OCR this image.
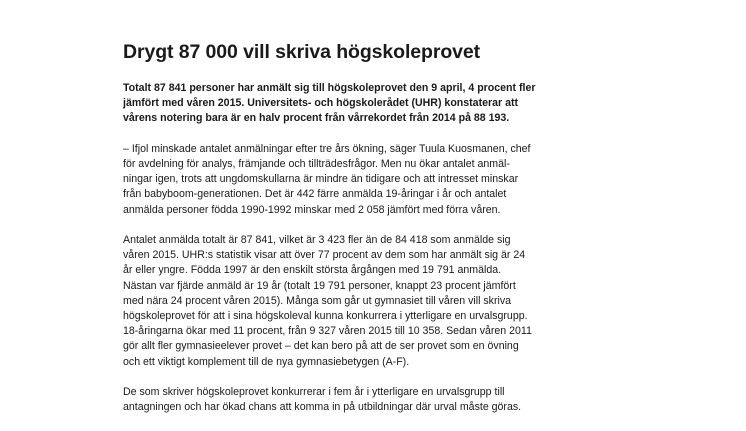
Drygt 87 000 vill skriva högskoleprovet

Totalt 87 841 personer har anmält sig till högskoleprovet den 9 april, 4 procent fler
jämfört med våren 2015. Universitets- och högskolerådet (UHR) konstaterar att
vårens notering bara är en halv procent från vårrekordet från 2014 på 88 193.

– Ifjol minskade antalet anmälningar efter tre års ökning, säger Tuula Kuosmanen, chef
för avdelning för analys, främjande och tillträdesfrågor. Men nu ökar antalet anmäl-
ningar igen, trots att ungdomskullarna är mindre än tidigare och att intresset minskar
från babyboom-generationen. Det är 442 färre anmälda 19-åringar i år och antalet
anmälda personer födda 1990-1992 minskar med 2 058 jämfört med förra våren.

Antalet anmälda totalt är 87 841, vilket är 3 423 fler än de 84 418 som anmälde sig
våren 2015. UHR:s statistik visar att över 77 procent av dem som har anmält sig är 24
år eller yngre. Födda 1997 är den enskilt största årgången med 19 791 anmälda.
Nästan var fjärde anmäld är 19 år (totalt 19 791 personer, knappt 23 procent jämfört
med nära 24 procent våren 2015). Många som går ut gymnasiet till våren vill skriva
högskoleprovet för att i sina högskoleval kunna konkurrera i ytterligare en urvalsgrupp.
18-åringarna ökar med 11 procent, från 9 327 våren 2015 till 10 358. Sedan våren 2011
gör allt fler gymnasieelever provet – det kan bero på att de ser provet som en övning
och ett viktigt komplement till de nya gymnasiebetygen (A-F).

De som skriver högskoleprovet konkurrerar i fem år i ytterligare en urvalsgrupp till
antagningen och har ökad chans att komma in på utbildningar där urval måste göras.
